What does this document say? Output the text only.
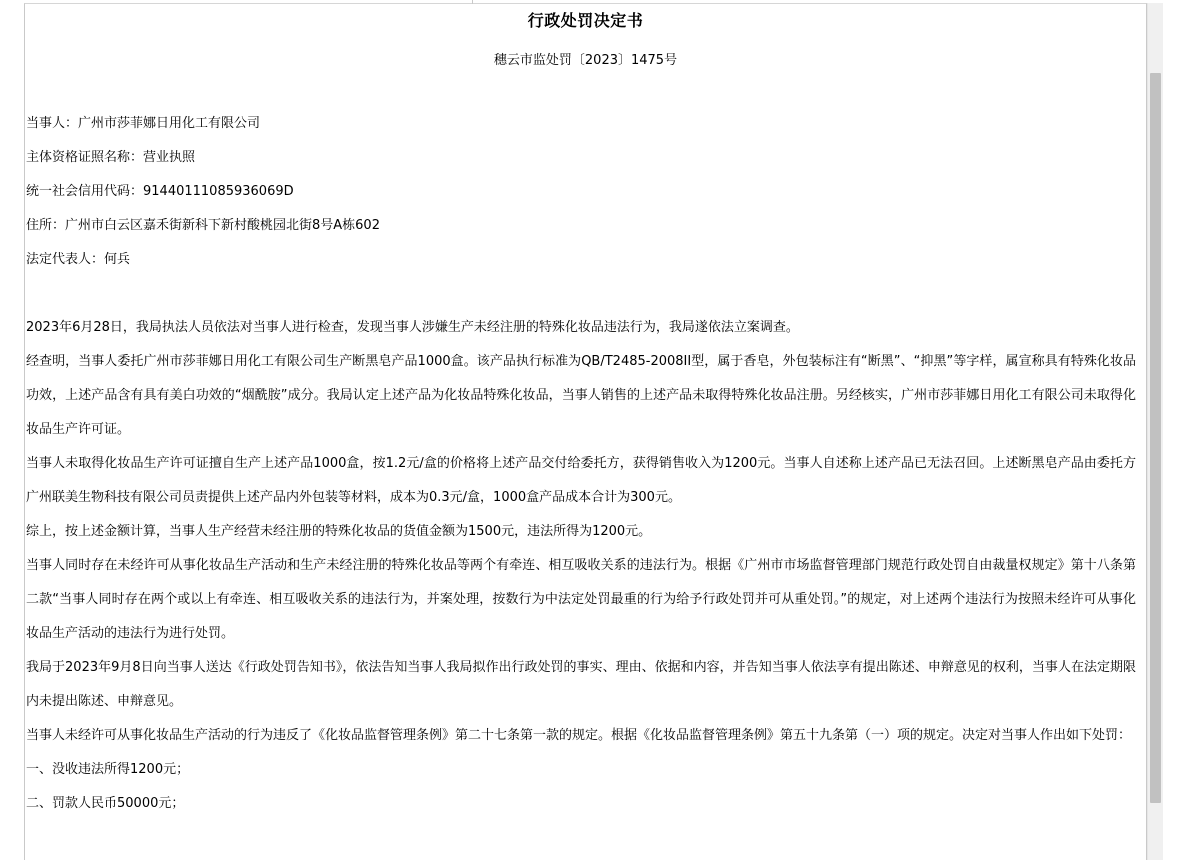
行政处罚决定书
穗云市监处罚〔2023〕1475号

当事人：广州市莎菲娜日用化工有限公司

主体资格证照名称：营业执照

统一社会信用代码：91440111085936069D

住所：广州市白云区嘉禾街新科下新村酸桃园北街8号A栋602

法定代表人：何兵

2023年6月28日，我局执法人员依法对当事人进行检查，发现当事人涉嫌生产未经注册的特殊化妆品违法行为，我局遂依法立案调查。

经查明，当事人委托广州市莎菲娜日用化工有限公司生产断黑皂产品1000盒。该产品执行标准为QB/T2485-2008II型，属于香皂，外包装标注有“断黑”、“抑黑”等字样，属宣称具有特殊化妆品功效，上述产品含有具有美白功效的“烟酰胺”成分。我局认定上述产品为化妆品特殊化妆品，当事人销售的上述产品未取得特殊化妆品注册。另经核实，广州市莎菲娜日用化工有限公司未取得化妆品生产许可证。

当事人未取得化妆品生产许可证擅自生产上述产品1000盒，按1.2元/盒的价格将上述产品交付给委托方，获得销售收入为1200元。当事人自述称上述产品已无法召回。上述断黑皂产品由委托方广州联美生物科技有限公司员责提供上述产品内外包装等材料，成本为0.3元/盒，1000盒产品成本合计为300元。

综上，按上述金额计算，当事人生产经营未经注册的特殊化妆品的货值金额为1500元，违法所得为1200元。

当事人同时存在未经许可从事化妆品生产活动和生产未经注册的特殊化妆品等两个有牵连、相互吸收关系的违法行为。根据《广州市市场监督管理部门规范行政处罚自由裁量权规定》第十八条第二款“当事人同时存在两个或以上有牵连、相互吸收关系的违法行为，并案处理，按数行为中法定处罚最重的行为给予行政处罚并可从重处罚。”的规定，对上述两个违法行为按照未经许可从事化妆品生产活动的违法行为进行处罚。

我局于2023年9月8日向当事人送达《行政处罚告知书》，依法告知当事人我局拟作出行政处罚的事实、理由、依据和内容，并告知当事人依法享有提出陈述、申辩意见的权利，当事人在法定期限内未提出陈述、申辩意见。

当事人未经许可从事化妆品生产活动的行为违反了《化妆品监督管理条例》第二十七条第一款的规定。根据《化妆品监督管理条例》第五十九条第（一）项的规定。决定对当事人作出如下处罚：

一、没收违法所得1200元；

二、罚款人民币50000元；
